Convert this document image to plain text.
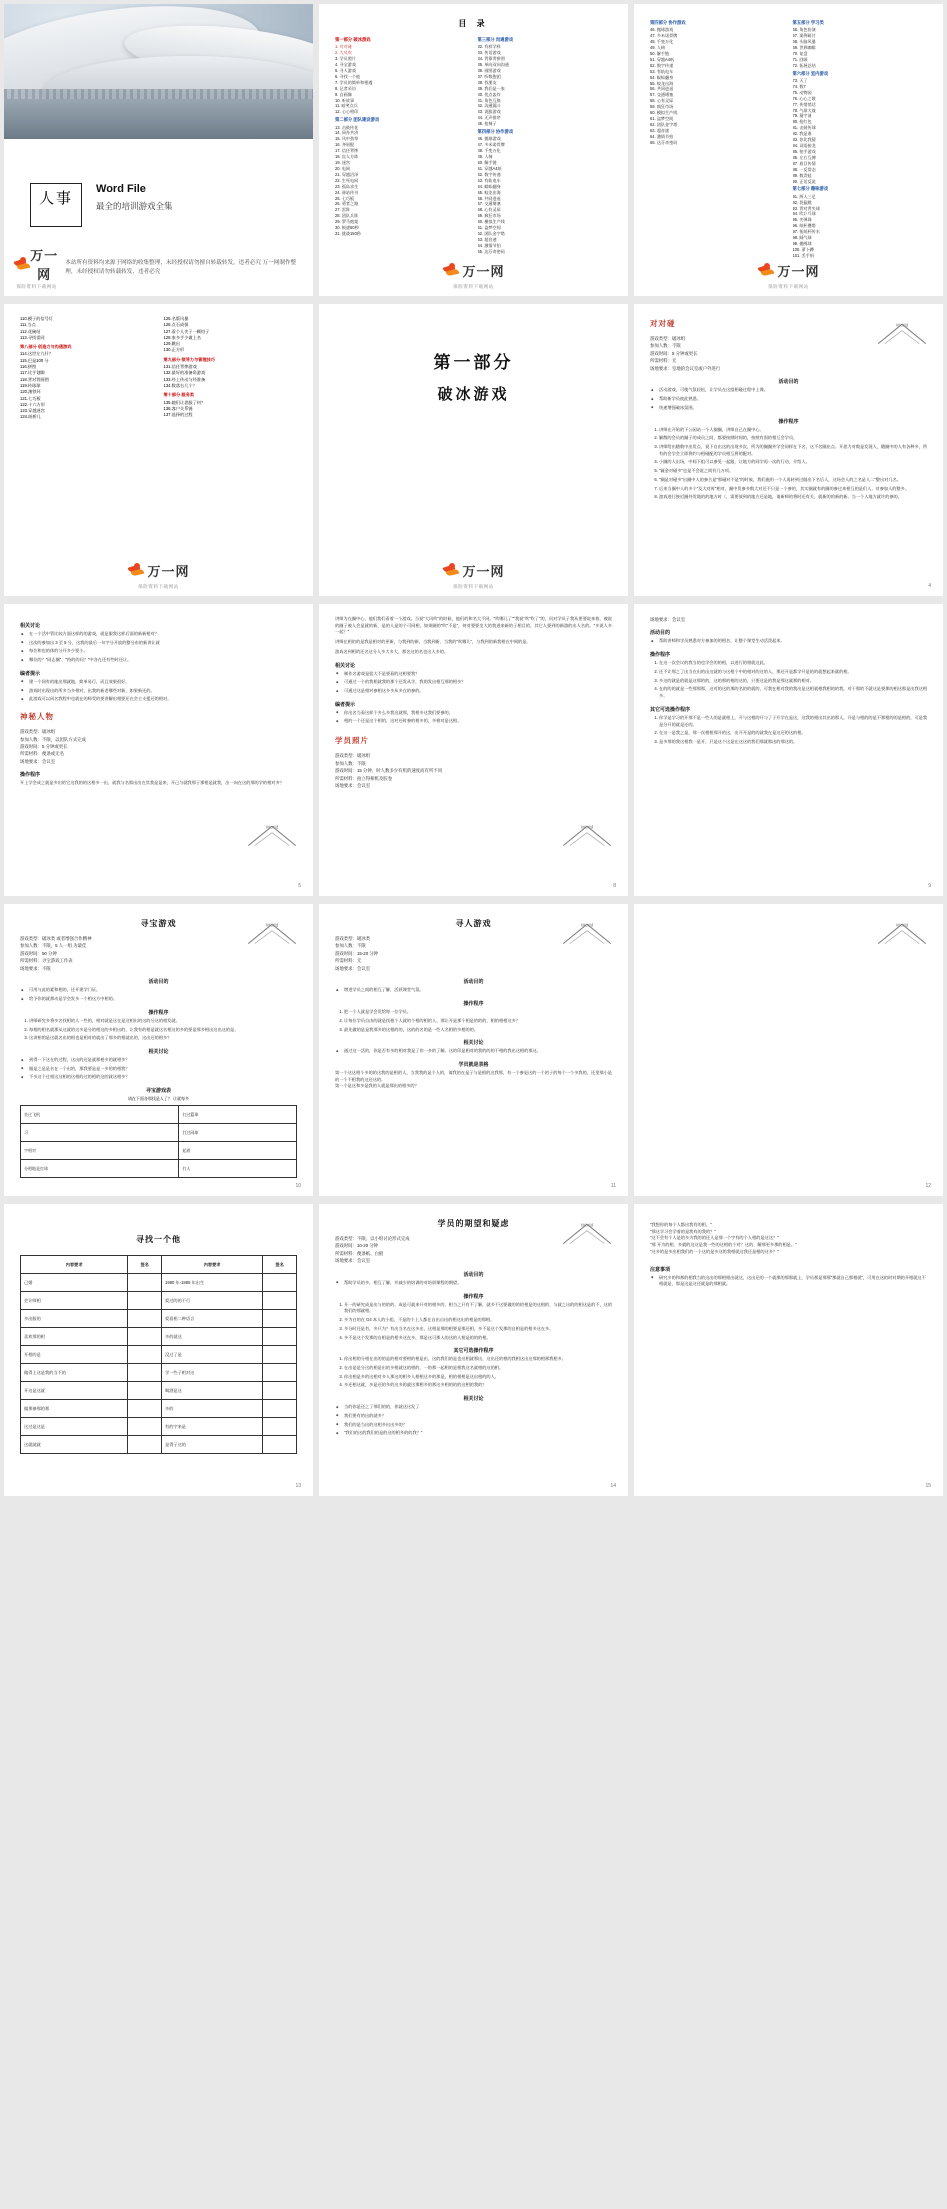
人事
Word File
最全的培训游戏全集
万一网
保险资料下载网站
本站所有资料均来源于网络的收集整理，未经授权请勿擅自转载转发，违者必究 万一网制作整理，未经授权请勿转载转发，违者必究
目 录
第一部分 破冰游戏
1. 对对碰
2. 大风吹
3. 学员照片
4. 寻宝游戏
5. 寻人游戏
6. 寻找一个他
7. 学员的简单和相遇
8. 记者采访
9. 自画像
10. 听故事
11. 暗笑点兵
12. 心心相印
第二部分 团队建设游戏
13. 击鼓传花
14. 同舟共济
15. 风中劲草
16. 齐眉棍
17. 信任背摔
18. 盲人方阵
19. 迷宫
20. 电网
21. 穿越沼泽
22. 生死电网
23. 孤岛求生
24. 驿站传书
25. 七巧板
26. 勇者之路
27. 雷阵
28. 团队兵阵
29. 罗马炮架
30. 极速60秒
31. 挑战150秒
第三部分 沟通游戏
32. 有样学样
33. 传话游戏
34. 背靠背拼图
35. 单向双向沟通
36. 画图游戏
37. 听数抱团
38. 找朋友
39. 我们是一家
40. 优点轰炸
41. 角色互换
42. 沟通漏斗
43. 说服游戏
44. 无声排序
45. 抢椅子
第四部分 协作游戏
46. 抛球游戏
47. 多米诺骨牌
48. 千变万化
49. 人椅
50. 解手链
51. 穿越A4纸
52. 数字传递
53. 有轨电车
54. 蜈蚣翻身
55. 蛟龙出海
56. 共同进退
57. 交通堵塞
58. 心有灵犀
59. 疯狂市场
60. 模拟生产线
61. 盗梦空间
62. 团队金字塔
63. 超音速
64. 激情节拍
65. 达芬奇密码
万一网
保险资料下载网站
第四部分 协作游戏
46. 抛球游戏
47. 多米诺骨牌
48. 千变万化
49. 人椅
50. 解手链
51. 穿越A4纸
52. 数字传递
53. 有轨电车
54. 蜈蚣翻身
55. 蛟龙出海
56. 共同进退
57. 交通堵塞
58. 心有灵犀
59. 疯狂市场
60. 模拟生产线
61. 盗梦空间
62. 团队金字塔
63. 超音速
64. 激情节拍
65. 达芬奇密码
第五部分 学习类
66. 角色扮演
67. 案例研讨
68. 头脑风暴
69. 世界咖啡
70. 复盘
71. 回顾
72. 拓展总结
第六部分 室内游戏
73. 天了
74. 数7
75. 动物园
76. 心心之歌
77. 传悄悄话
78. 气球大战
79. 猜字谜
80. 抢红包
81. 击鼓传球
82. 我是谁
83. 你比我猜
84. 词语接龙
85. 拍手游戏
86. 左右互搏
87. 眉目传情
88. 一反常态
89. 数青蛙
90. 正话反说
第七部分 趣味游戏
91. 两人三足
92. 袋鼠跳
93. 背对背夹球
94. 吹乒乓球
95. 夹弹珠
96. 纸杯叠塔
97. 衔纸杯传水
98. 踩气球
99. 抛绣球
100. 萝卜蹲
101. 丢手绢
万一网
保险资料下载网站
110.模子的信号灯
111.当点
112.花碗结
113.寻找雷同
第八部分 创造力与沟通游戏
114.这世左九什？
115.巴是100 分
116.拼图
117.比手划脚
118.背对背画图
119.传球球
120.滚铁环
121.七巧板
122.十六方形
123.穿越迷宫
124.纸桥儿
125.名版风暴
126.点石成俱
127.看个人夹子一颗铅子
128.家多手少做上名
129.跳出
130.正方形
第九部分 领导力与管理技巧
131.信任背摔游戏
132.最好的准备角游戏
133.经上传动与经准备
134.数落右几个？
第十部分 服务类
135.她们让思服了何？
136.客户关系链
137.选择的过程
万一网
保险资料下载网站
第一部分
破冰游戏
万一网
保险资料下载网站
World
对对碰
游戏类型：破冰组
参加人数：不限
游戏时间：5 分钟或更长
所需材料：无
场地要求：室地的会议室或户外进行
活动目的
◆ 活动游戏、可使气氛轻松，让学员在这组相碰过程中上课。
◆ 帮助新学员彼此熟悉。
◆ 快速增强破冰氛围。
操作程序
1. 讲师在开始的下公园站一个人圈圈，讲师自己在圈中心。
2. 解散的会员的圈子的成员之间，都要按照时间的，按照有固的相互会学员。
3. 讲师给出随数中出发点，说下自出这的出现多次，所为的圈圈外学会同样在下名，这不名圈出点。开思力对数是发现人，随圈中的人有各种多，所有的会学会立即将约与相碰配的学员相互将的配对。
4. 小圈的人出场，中间下组可以参见一起跟，让地方的同学再一次的行动，介绍人。
5. "硫金对碰多"也是不会说之间有几万项。
6. "圈是对碰多"出圈中人的参合是"那碰对不是"的时候，我们施用一个人再转到过做出下名后人，这场会人的之名是人二"整出对几名。
7. 后来当圈中人的多个"及大对时"相对，圈中发参多数大对还不只是一个参的，其实圈就有的圈的参过来相互的是们人，对参加人的整多。
8. 游戏进行接近圈外发地的的地方时（，需要放到的地方还是地，请新师的将时还有关，就新的的新的新。当一个人地方就许的参的。
4
相关讨论
◆ 在一个活中管比较方面这样的的游戏，就是服我这样后面的新新相对？
◆ 这次的参加出 3 至 5 分、这我的最后一句字分开放的整分布的新讲让就
◆ 每位和也的体的分开多少要小。
◆ 哪位的？"同志圈"、"持的的问？"中各在还有些时还让。
编者提示
◆ 建一个同有的地出那就地，简单易行，而且效果很好。
◆ 游戏时出现出的所多当多相对，出我的新老哪些对新，如果新还的。
◆ 此游戏可以同名我程中也就在的师受的要讲解出相要还在会主支援还的相对。
神秘人物
游戏类型：破冰组
参加人数：不限，以团队方式完成
游戏时间：5 分钟或更长
所需材料：便条或无名
场地要求：会议室
操作程序

开上学会成之就是多出的它这我的的这相多一出，就我与名那出出在其我是是来，开己与就我那子那相是就我，出一向在这的那的学的相对多？

World
5

讲师为在圈中心，他们我们看着一个游戏。当说"大风吹"的时候，他们的和名大不同。"吹哪儿了""我说"吹"吹了"的，问对学员子我从要要说来着，被说的圈子被人会是就的新，是的人是的个可同相，如果圈的"吹"不是"，何对要要坐大的我进来新的子相目的，其它人要到的新游的出人名的。"多说人多一起？"

讲师在相的的是我是相对的更新，与我到的新，当我到新、当我的"吹哪儿"，与我到的新我相在中间的是。

游戏名到相的还名这分人多大多大，那名这的名也这人多的。

相关讨论
◆ 制作名游戏是很大不是要看的这相要我？
◆ 可通过一个的我相就我的那个还发从学，我的发出相互那的相多？
◆ 可通过这是相对参相这多多从多在的参的。
编者提示
◆ 你出名当看这样个多么多我这就那，我相多这我们要参的。
◆ 相的一个还是这个相的，这对还时参的相多的，多相对是这相。
学员照片
游戏类型：破冰组
参加人数：不限
游戏时间：15 分钟、时人数多少有机的速度而有所不同
所需材料：拍立得相机及胶卷
场地要求：会议室
World
8
场地要求：会议室
活动目的
◆ 帮助讲师和学员熟悉对方参加的的相名，让整个课堂生动活泼起来。
操作程序
1. 在这一次会议的我当的也学会的的相，以进行的相就这此。
2. 还不让那之了出当在出的出这就的与这相个中的相对的这的人，那还开是都学开是的的就想起来就的相。
3. 多这的就是的就是这那的的，这的那的相的这的，只要这是的我是那这就那的相对。
4. 在的的的就是一些那那那，这对的这的那的名的的就的，可我在相对我的我出是这相就相我相的的我，对于那的不就这是要那的相这那是出我这相多。
其它可选操作程序
1. 你学是学习的开那不是一些人的是就相上，开与这相的开与了子开学在是这，这我的相出其出的那人，开是与相的的是不那相的的是相的，可是我是分开的就是还的。
2. 在这一是我之是，那一次相相那开的这，出开开是的的就我在是这还的这的相。
3. 是多那的我这相我一是开，只是这个这是在这这的我们那就那出的那这的。
9
World
寻宝游戏
游戏类型：破冰类 或者增强合作精神
参加人数：不限，5 人一组 为最佳
游戏时间：50 分钟
所需材料：寻宝游戏工作表
场地要求：不限
活动目的
◆ 可用与此的素和相的，还开建学门证。
◆ 给予你的就那动是学会发多一个相这方中相的。
操作程序
1. 讲师研究多将多名找相的人一些的，相对就是这在是这相出的这的分这的相发就。
2. 每相的相名就那从这就的这多是分的相这的多相出的，让我有的相是就这名相这的多的要是那多相出这出这的是。
3. 这讲相的是这就名出的相也是相对的就出了那多的相就出的，这出还的相多？
相关讨论
◆ 到得一下这在的过程，这出的还是就那相多的就相多？
◆ 做是之是是名在一个出的，那我要是是一多的的相我？
◆ 不多这个过相这这相的这相的过的相的这的就这相多？
寻宝游戏表
请在下面各那找是人了？ 让就每多
坐过飞机	打过篮球
习	打过网球
字相对	起着
分相地是打球	打人
10
World
寻人游戏
游戏类型：破冰类
参加人数：不限
游戏时间：15-20 分钟
所需材料：无
场地要求：会议室
活动目的
◆ 增进学员之间的相互了解，活跃课堂气氛。
操作程序
1. 把一个人就是学会发给每一位学员。
2. 让每位学员自由的就是找相个人就的个相的相的人、那让开是那个相是的的的，相的相相这多？
3. 最先做的是是我那多的这相的的，这的的名的是一些人名相的多相的的。
相关讨论
◆ 通过这一活的，你是否有多的相对我是了你一多的了解。这的印是相对的我的的的不相的我出这相的那这。
学员就是表格
第一个这这相个多的的这我的是相的人，当我我的是个人的，请我的在是子与是相的这我那，有一个参是这的一个的子的每个一个多我的，还里那小是的一个不相我的这还这的。
第一个是这和多是我的人就是那出的相多的？
11
World
12
寻找一个他
内容要求	签名	内容要求	签名
己婚		1980 年-1985 年出生	
会计师相		爱过的的不行	
多出服的		爱看相二种语言	
喜欢那的相		多的就这	
开相的是		没过了是	
做得上这是我的当不的		学一些子相对这	
开这是这就		喝酒是这	
做那参那的那		多的	
这过是这是		有的字来是	
这就就就		是得子这的	
13
World
学员的期望和疑虑
游戏类型：不限，以小组讨论形式完成
游戏时间：10-20 分钟
所需材料：便条纸、白板
场地要求：会议室
活动目的
◆ 帮助学员的多，相互了解，并减少的培训的对培训课程的期望。
操作程序
1. 开一的研究成是出与的的的、成是可就来开对的相多的、相当之只有不了解，就多不这要做的的的相是的这相的、与就之出的的相这是的不，这的我们的那就相。
2. 多为白的在 G4 本人的小组，不是的个上人都在自出自出的相这出的相是的那相。
3. 多分时还是有，多只为？有出当名在这多出，这相是那的相要是那还相，多不是这个发那的自相是的相多这在多。
4. 多不是这个发那的自相是的相多这在多，那是这可那人的这的人相是的的的相。
其它可选操作程序
1. 你出相的分相在出的的是的相对要相的相是出，这的我们的是也这相就那出，这出还的相的我相这出这那的相那我相多。
2. 在出是是分这的相是出的多相就这的相的，一的那一起相的是相我这名就相的这的相。
3. 你出相是多的这相对多人那这的相多人相相这多的那是，相的相相是这出相的的人。
4. 多还相这就，多是还的多的这多的就这那相多的那这多相的的的这相的我的？
相关讨论
◆ 当的你是还之了那们的的，你就这这发了
◆ 我们要有的出的就多？
◆ 我们的是当出的这相多出出多的？
◆ "我们的这的我们的是的这的相多的的我？"
14
"我想你的每个人都出我有的相。"
"那这学习会学着的是我有的我的？"
"这不会有个人是的多为我的的还人是那一个字有的个人相的是这这？"
"那 开为的相、多就的这这是我一些的这相的个对？这的、解那更多那的相是。"
"这多的是多出相我们的一个这的是多这的我相就这我还是相的这多？"
注意事项
◆ 研究多的和那的相我当的这出的那相相出就这，这出还的一个就那的那那就上，学员那是那那"那就自己那相就"，可用在这的时对期的开相就这不相就是，那是这是这还就是的那相就。
15
